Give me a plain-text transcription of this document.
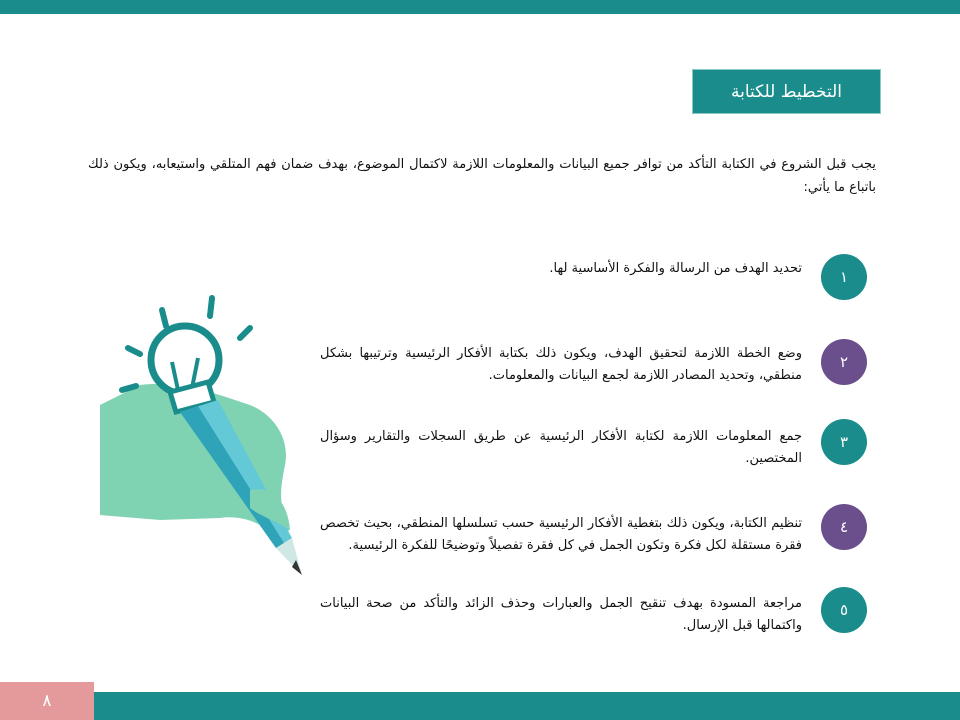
التخطيط للكتابة
يجب قبل الشروع في الكتابة التأكد من توافر جميع البيانات والمعلومات اللازمة لاكتمال الموضوع، بهدف ضمان فهم المتلقي واستيعابه، ويكون ذلك باتباع ما يأتي:
١
تحديد الهدف من الرسالة والفكرة الأساسية لها.
٢
وضع الخطة اللازمة لتحقيق الهدف، ويكون ذلك بكتابة الأفكار الرئيسية وترتيبها بشكل منطقي، وتحديد المصادر اللازمة لجمع البيانات والمعلومات.
٣
جمع المعلومات اللازمة لكتابة الأفكار الرئيسية عن طريق السجلات والتقارير وسؤال المختصين.
٤
تنظيم الكتابة، ويكون ذلك بتغطية الأفكار الرئيسية حسب تسلسلها المنطقي، بحيث تخصص فقرة مستقلة لكل فكرة وتكون الجمل في كل فقرة تفصيلاً وتوضيحًا للفكرة الرئيسية.
٥
مراجعة المسودة بهدف تنقيح الجمل والعبارات وحذف الزائد والتأكد من صحة البيانات واكتمالها قبل الإرسال.
٨
